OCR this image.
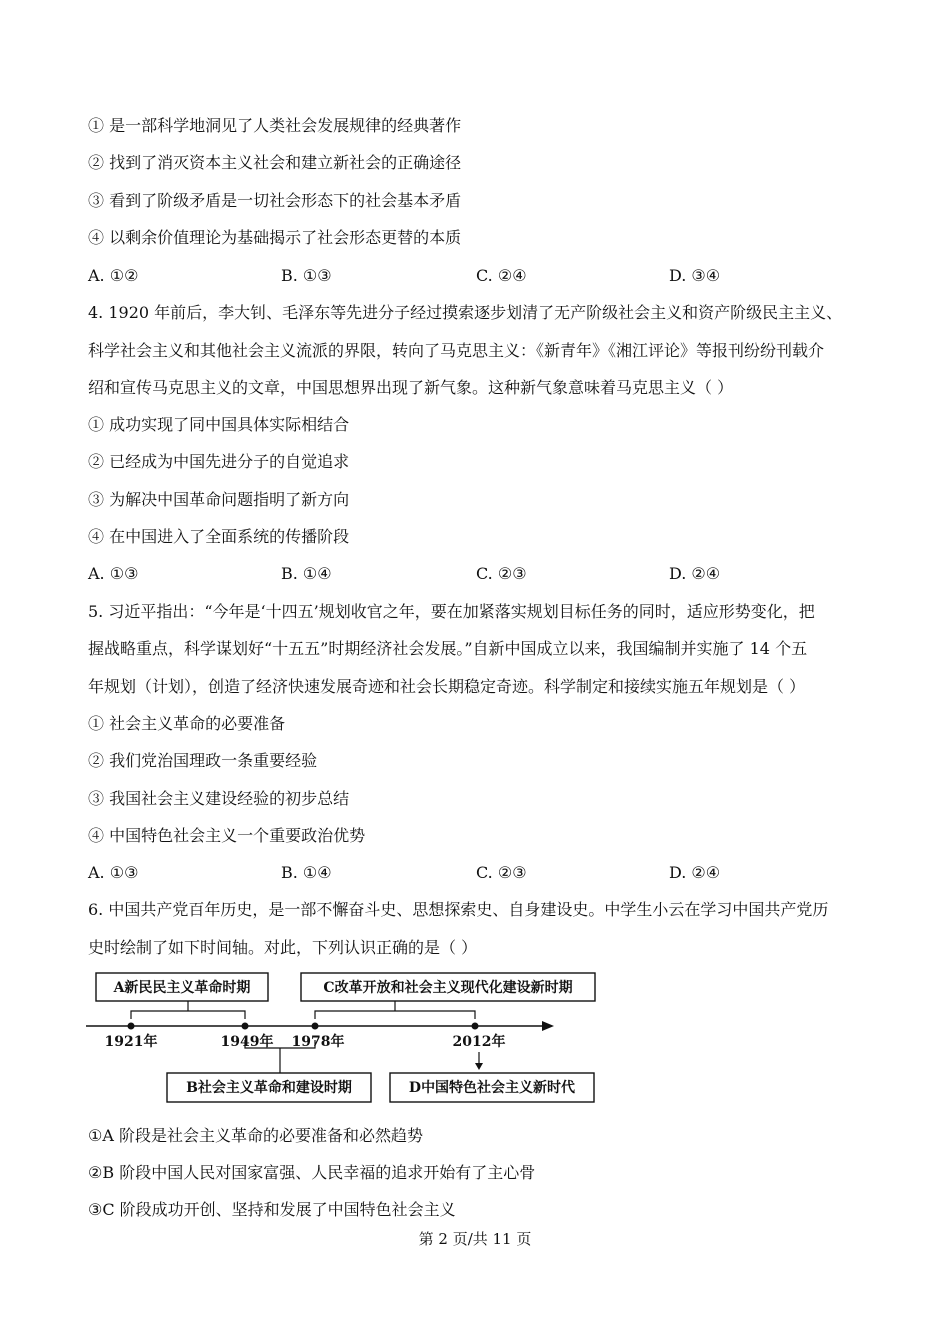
① 是一部科学地洞见了人类社会发展规律的经典著作
② 找到了消灭资本主义社会和建立新社会的正确途径
③ 看到了阶级矛盾是一切社会形态下的社会基本矛盾
④ 以剩余价值理论为基础揭示了社会形态更替的本质
A. ①②	B. ①③	C. ②④	D. ③④
4. 1920 年前后，李大钊、毛泽东等先进分子经过摸索逐步划清了无产阶级社会主义和资产阶级民主主义、
科学社会主义和其他社会主义流派的界限，转向了马克思主义：《新青年》《湘江评论》等报刊纷纷刊载介
绍和宣传马克思主义的文章，中国思想界出现了新气象。这种新气象意味着马克思主义（ ）
① 成功实现了同中国具体实际相结合
② 已经成为中国先进分子的自觉追求
③ 为解决中国革命问题指明了新方向
④ 在中国进入了全面系统的传播阶段
A. ①③	B. ①④	C. ②③	D. ②④
5. 习近平指出：“今年是‘十四五’规划收官之年，要在加紧落实规划目标任务的同时，适应形势变化，把
握战略重点，科学谋划好“十五五”时期经济社会发展。”自新中国成立以来，我国编制并实施了 14 个五
年规划（计划），创造了经济快速发展奇迹和社会长期稳定奇迹。科学制定和接续实施五年规划是（ ）
① 社会主义革命的必要准备
② 我们党治国理政一条重要经验
③ 我国社会主义建设经验的初步总结
④ 中国特色社会主义一个重要政治优势
A. ①③	B. ①④	C. ②③	D. ②④
6. 中国共产党百年历史，是一部不懈奋斗史、思想探索史、自身建设史。中学生小云在学习中国共产党历
史时绘制了如下时间轴。对此，下列认识正确的是（ ）
A新民民主义革命时期	C改革开放和社会主义现代化建设新时期
1921年	1949年 1978年	2012年
B社会主义革命和建设时期	D中国特色社会主义新时代
①A 阶段是社会主义革命的必要准备和必然趋势
②B 阶段中国人民对国家富强、人民幸福的追求开始有了主心骨
③C 阶段成功开创、坚持和发展了中国特色社会主义
第 2 页/共 11 页
